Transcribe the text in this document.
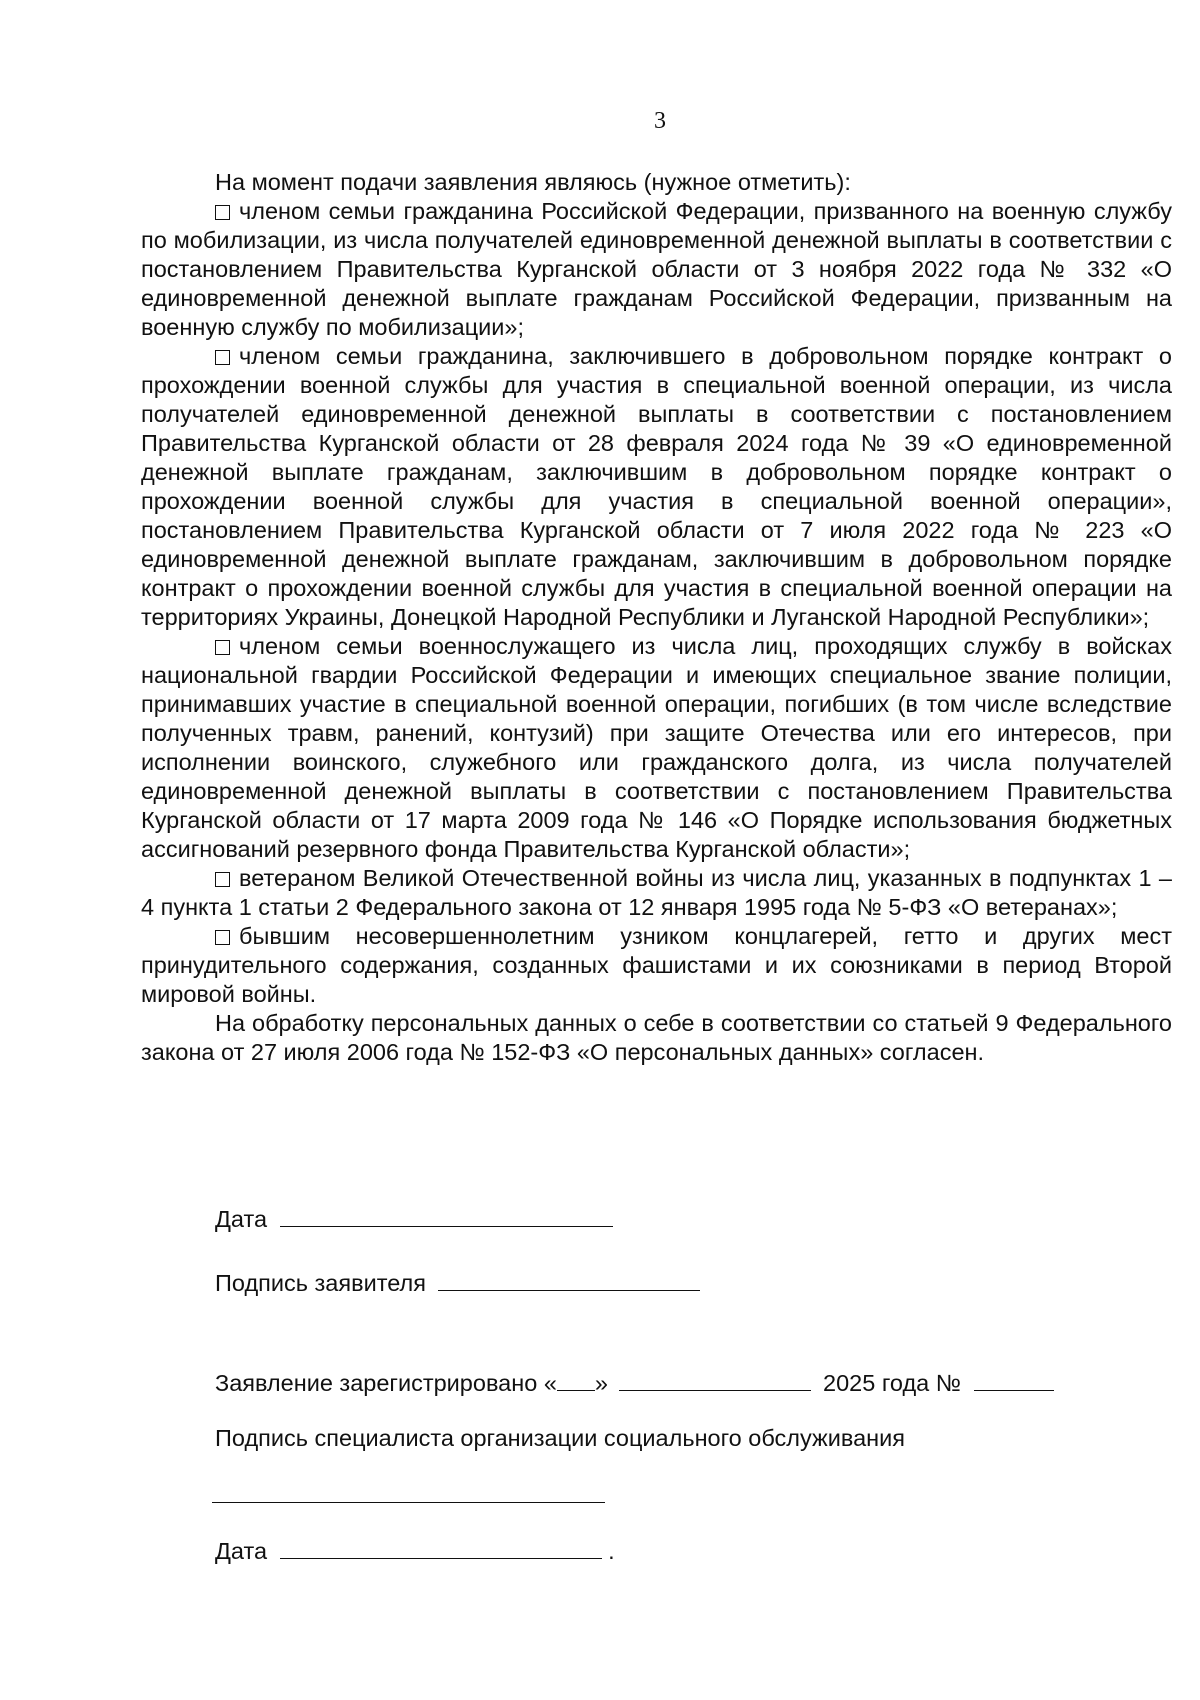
3

На момент подачи заявления являюсь (нужное отметить):

членом семьи гражданина Российской Федерации, призванного на военную службу по мобилизации, из числа получателей единовременной денежной выплаты в соответствии с постановлением Правительства Курганской области от 3 ноября 2022 года № 332 «О единовременной денежной выплате гражданам Российской Федерации, призванным на военную службу по мобилизации»;

членом семьи гражданина, заключившего в добровольном порядке контракт о прохождении военной службы для участия в специальной военной операции, из числа получателей единовременной денежной выплаты в соответствии с постановлением Правительства Курганской области от 28 февраля 2024 года № 39 «О единовременной денежной выплате гражданам, заключившим в добровольном порядке контракт о прохождении военной службы для участия в специальной военной операции», постановлением Правительства Курганской области от 7 июля 2022 года № 223 «О единовременной денежной выплате гражданам, заключившим в добровольном порядке контракт о прохождении военной службы для участия в специальной военной операции на территориях Украины, Донецкой Народной Республики и Луганской Народной Республики»;

членом семьи военнослужащего из числа лиц, проходящих службу в войсках национальной гвардии Российской Федерации и имеющих специальное звание полиции, принимавших участие в специальной военной операции, погибших (в том числе вследствие полученных травм, ранений, контузий) при защите Отечества или его интересов, при исполнении воинского, служебного или гражданского долга, из числа получателей единовременной денежной выплаты в соответствии с постановлением Правительства Курганской области от 17 марта 2009 года № 146 «О Порядке использования бюджетных ассигнований резервного фонда Правительства Курганской области»;

ветераном Великой Отечественной войны из числа лиц, указанных в подпунктах 1 – 4 пункта 1 статьи 2 Федерального закона от 12 января 1995 года № 5-ФЗ «О ветеранах»;

бывшим несовершеннолетним узником концлагерей, гетто и других мест принудительного содержания, созданных фашистами и их союзниками в период Второй мировой войны.

На обработку персональных данных о себе в соответствии со статьей 9 Федерального закона от 27 июля 2006 года № 152-ФЗ «О персональных данных» согласен.

Дата
Подпись заявителя
Заявление зарегистрировано « »	2025 года №
Подпись специалиста организации социального обслуживания
Дата	.
